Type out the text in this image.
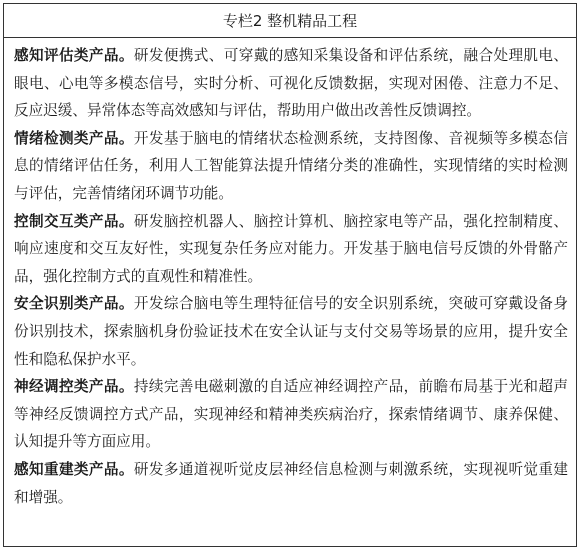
专栏2 整机精品工程

感知评估类产品。研发便携式、可穿戴的感知采集设备和评估系统，融合处理肌电、眼电、心电等多模态信号，实时分析、可视化反馈数据，实现对困倦、注意力不足、反应迟缓、异常体态等高效感知与评估，帮助用户做出改善性反馈调控。

情绪检测类产品。开发基于脑电的情绪状态检测系统，支持图像、音视频等多模态信息的情绪评估任务，利用人工智能算法提升情绪分类的准确性，实现情绪的实时检测与评估，完善情绪闭环调节功能。

控制交互类产品。研发脑控机器人、脑控计算机、脑控家电等产品，强化控制精度、响应速度和交互友好性，实现复杂任务应对能力。开发基于脑电信号反馈的外骨骼产品，强化控制方式的直观性和精准性。

安全识别类产品。开发综合脑电等生理特征信号的安全识别系统，突破可穿戴设备身份识别技术，探索脑机身份验证技术在安全认证与支付交易等场景的应用，提升安全性和隐私保护水平。

神经调控类产品。持续完善电磁刺激的自适应神经调控产品，前瞻布局基于光和超声等神经反馈调控方式产品，实现神经和精神类疾病治疗，探索情绪调节、康养保健、认知提升等方面应用。

感知重建类产品。研发多通道视听觉皮层神经信息检测与刺激系统，实现视听觉重建和增强。
